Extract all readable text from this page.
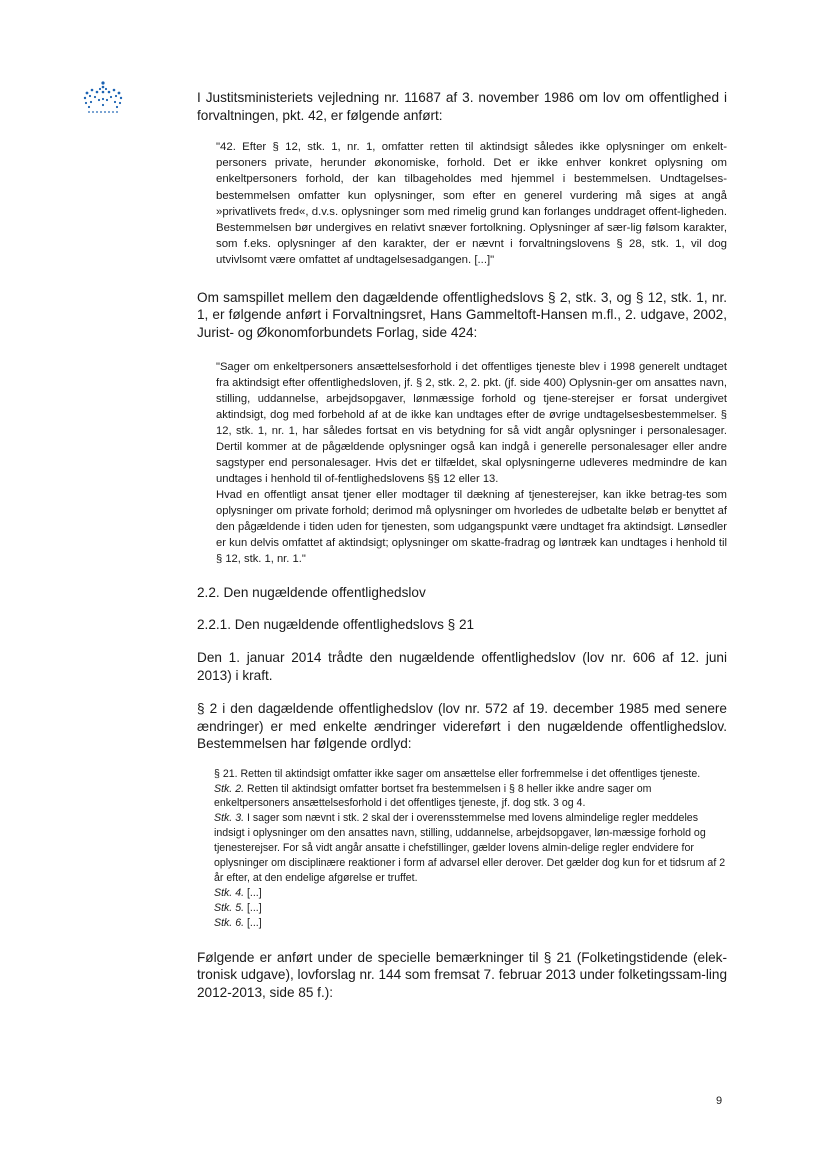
I Justitsministeriets vejledning nr. 11687 af 3. november 1986 om lov om offentlighed i forvaltningen, pkt. 42, er følgende anført:

"42. Efter § 12, stk. 1, nr. 1, omfatter retten til aktindsigt således ikke oplysninger om enkelt-personers private, herunder økonomiske, forhold. Det er ikke enhver konkret oplysning om enkeltpersoners forhold, der kan tilbageholdes med hjemmel i bestemmelsen. Undtagelses-bestemmelsen omfatter kun oplysninger, som efter en generel vurdering må siges at angå »privatlivets fred«, d.v.s. oplysninger som med rimelig grund kan forlanges unddraget offent-ligheden. Bestemmelsen bør undergives en relativt snæver fortolkning. Oplysninger af sær-lig følsom karakter, som f.eks. oplysninger af den karakter, der er nævnt i forvaltningslovens § 28, stk. 1, vil dog utvivlsomt være omfattet af undtagelsesadgangen. [...]"

Om samspillet mellem den dagældende offentlighedslovs § 2, stk. 3, og § 12, stk. 1, nr. 1, er følgende anført i Forvaltningsret, Hans Gammeltoft-Hansen m.fl., 2. udgave, 2002, Jurist- og Økonomforbundets Forlag, side 424:

"Sager om enkeltpersoners ansættelsesforhold i det offentliges tjeneste blev i 1998 generelt undtaget fra aktindsigt efter offentlighedsloven, jf. § 2, stk. 2, 2. pkt. (jf. side 400) Oplysnin-ger om ansattes navn, stilling, uddannelse, arbejdsopgaver, lønmæssige forhold og tjene-sterejser er forsat undergivet aktindsigt, dog med forbehold af at de ikke kan undtages efter de øvrige undtagelsesbestemmelser. § 12, stk. 1, nr. 1, har således fortsat en vis betydning for så vidt angår oplysninger i personalesager. Dertil kommer at de pågældende oplysninger også kan indgå i generelle personalesager eller andre sagstyper end personalesager. Hvis det er tilfældet, skal oplysningerne udleveres medmindre de kan undtages i henhold til of-fentlighedslovens §§ 12 eller 13.

Hvad en offentligt ansat tjener eller modtager til dækning af tjenesterejser, kan ikke betrag-tes som oplysninger om private forhold; derimod må oplysninger om hvorledes de udbetalte beløb er benyttet af den pågældende i tiden uden for tjenesten, som udgangspunkt være undtaget fra aktindsigt. Lønsedler er kun delvis omfattet af aktindsigt; oplysninger om skatte-fradrag og løntræk kan undtages i henhold til § 12, stk. 1, nr. 1."

2.2. Den nugældende offentlighedslov

2.2.1. Den nugældende offentlighedslovs § 21

Den 1. januar 2014 trådte den nugældende offentlighedslov (lov nr. 606 af 12. juni 2013) i kraft.

§ 2 i den dagældende offentlighedslov (lov nr. 572 af 19. december 1985 med senere ændringer) er med enkelte ændringer videreført i den nugældende offentlighedslov. Bestemmelsen har følgende ordlyd:

§ 21. Retten til aktindsigt omfatter ikke sager om ansættelse eller forfremmelse i det offentliges tjeneste.
Stk. 2. Retten til aktindsigt omfatter bortset fra bestemmelsen i § 8 heller ikke andre sager om enkeltpersoners ansættelsesforhold i det offentliges tjeneste, jf. dog stk. 3 og 4.
Stk. 3. I sager som nævnt i stk. 2 skal der i overensstemmelse med lovens almindelige regler meddeles indsigt i oplysninger om den ansattes navn, stilling, uddannelse, arbejdsopgaver, løn-mæssige forhold og tjenesterejser. For så vidt angår ansatte i chefstillinger, gælder lovens almin-delige regler endvidere for oplysninger om disciplinære reaktioner i form af advarsel eller derover. Det gælder dog kun for et tidsrum af 2 år efter, at den endelige afgørelse er truffet.
Stk. 4. [...]
Stk. 5. [...]
Stk. 6. [...]

Følgende er anført under de specielle bemærkninger til § 21 (Folketingstidende (elek-tronisk udgave), lovforslag nr. 144 som fremsat 7. februar 2013 under folketingssam-ling 2012-2013, side 85 f.):

9
